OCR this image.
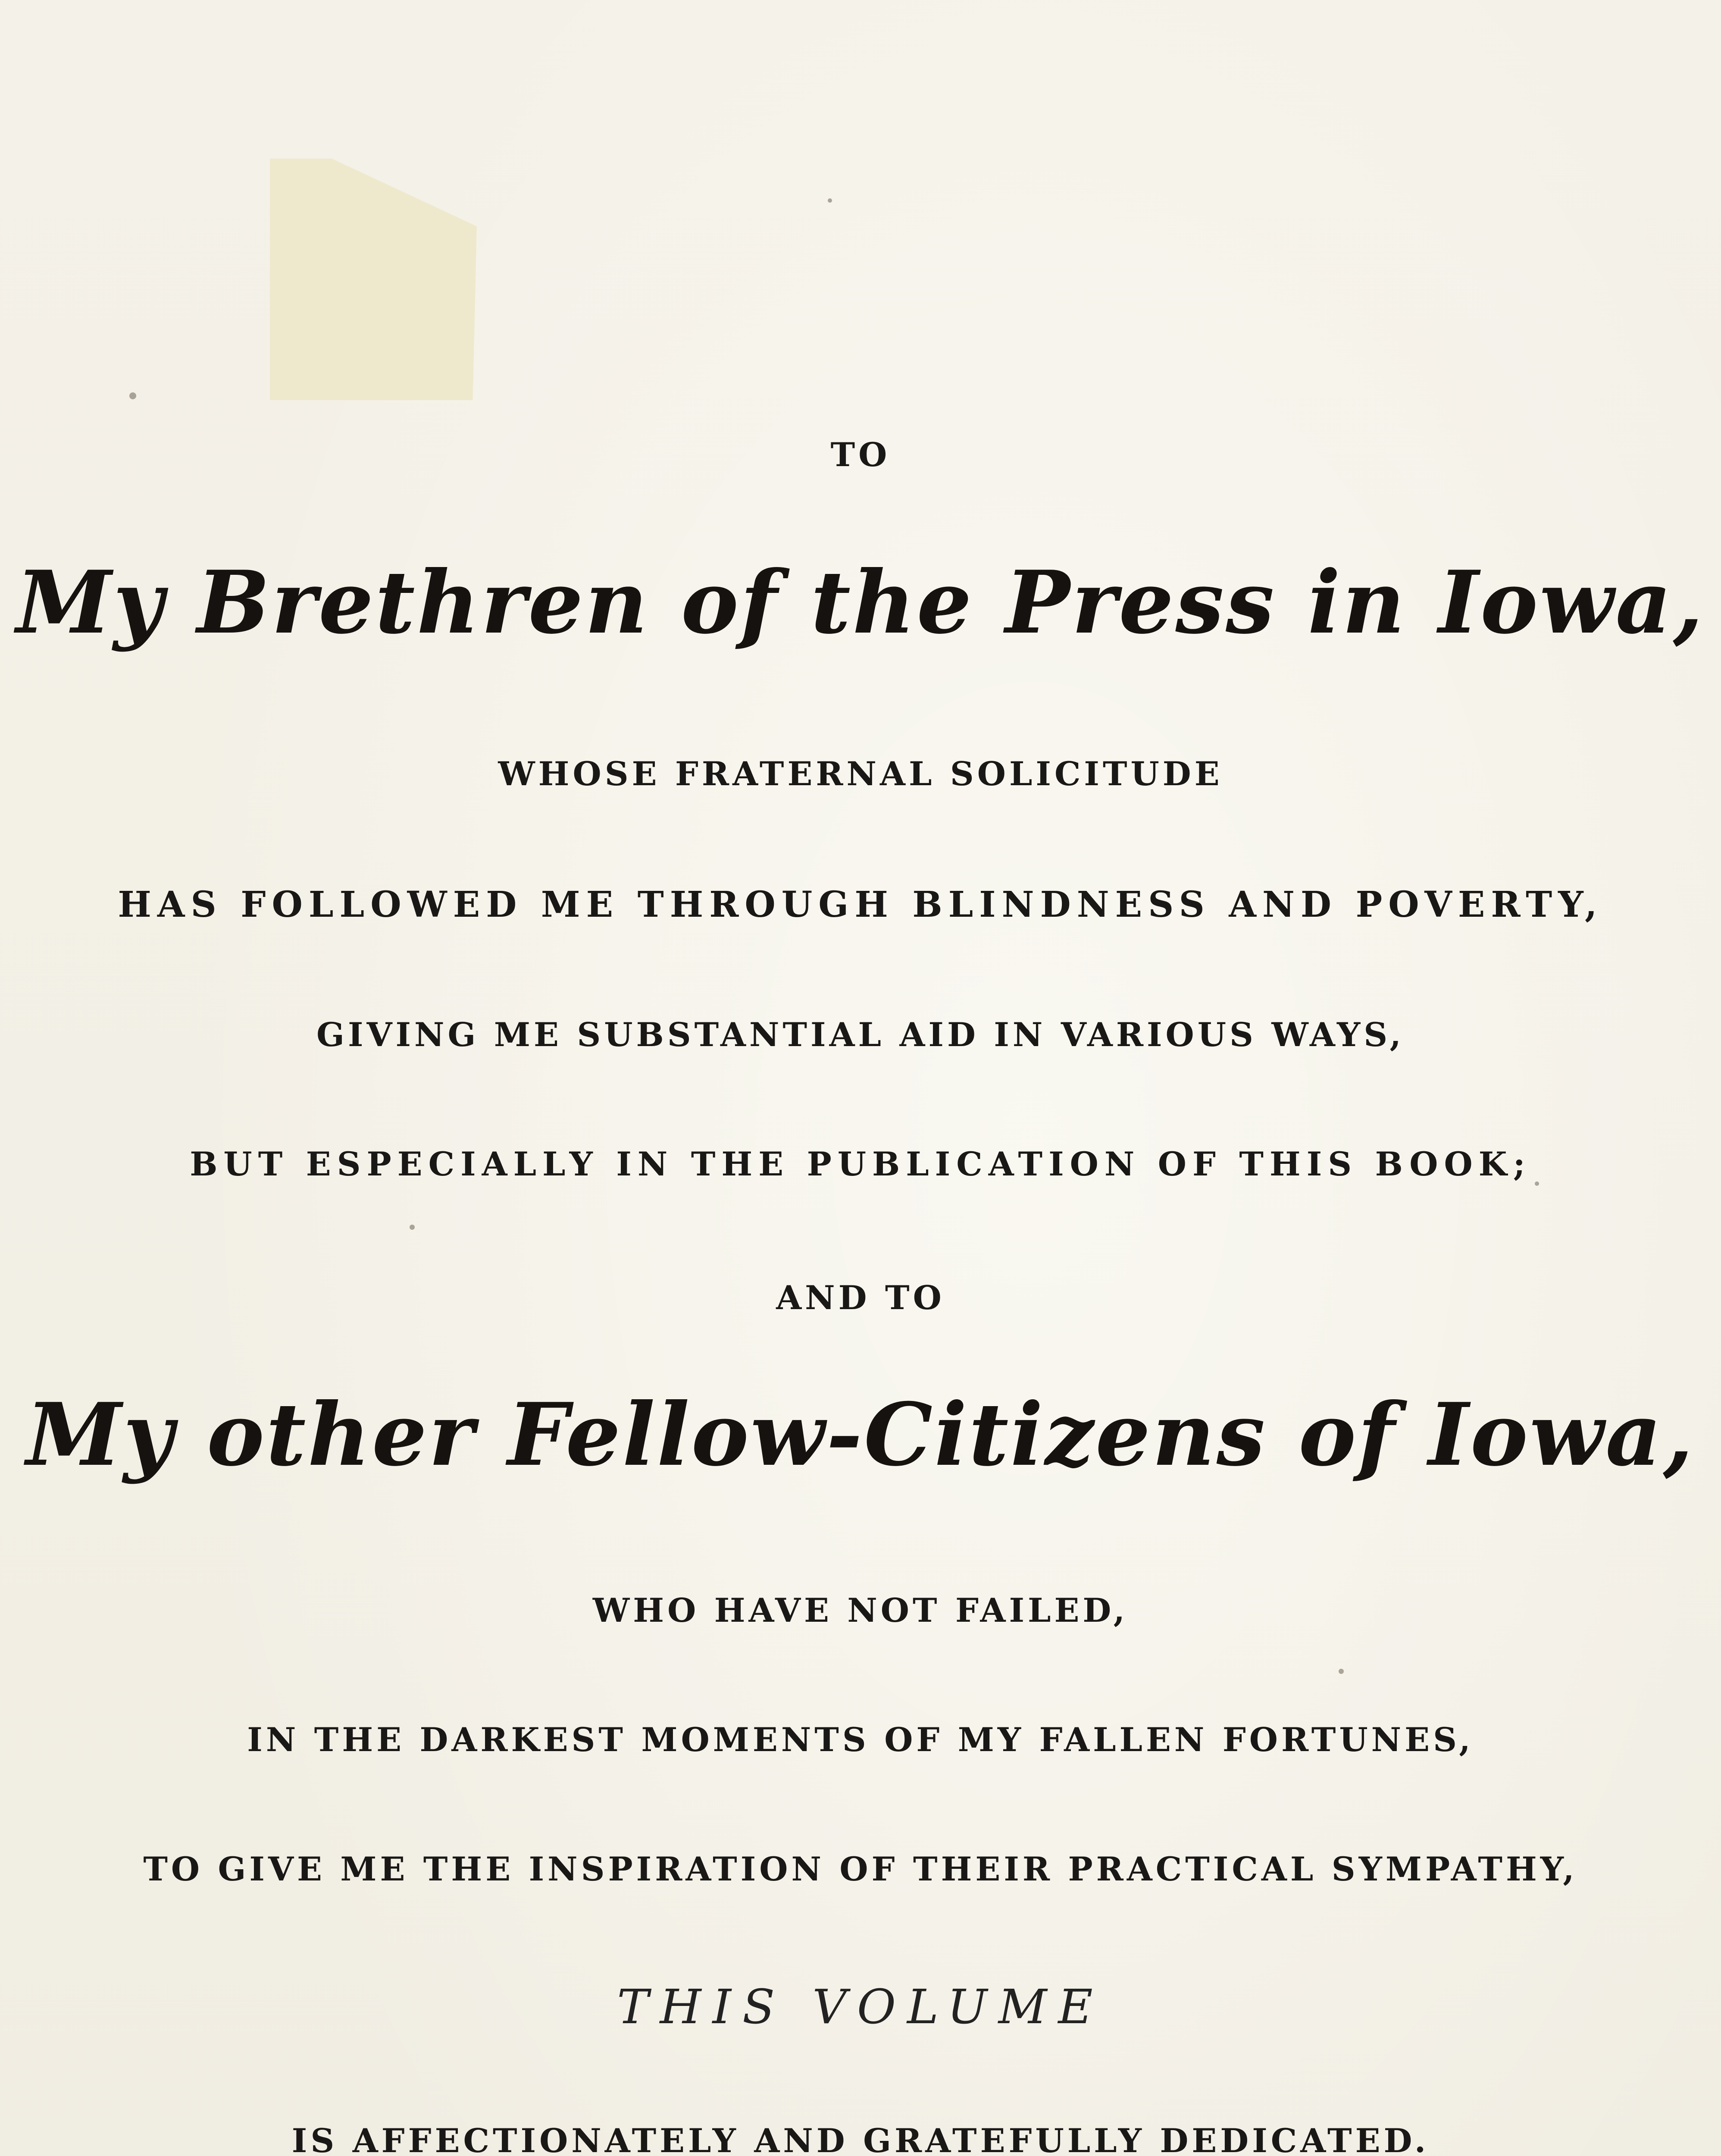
TO
My Brethren of the Press in Iowa,
WHOSE FRATERNAL SOLICITUDE
HAS FOLLOWED ME THROUGH BLINDNESS AND POVERTY,
GIVING ME SUBSTANTIAL AID IN VARIOUS WAYS,
BUT ESPECIALLY IN THE PUBLICATION OF THIS BOOK;
AND TO
My other Fellow-Citizens of Iowa,
WHO HAVE NOT FAILED,
IN THE DARKEST MOMENTS OF MY FALLEN FORTUNES,
TO GIVE ME THE INSPIRATION OF THEIR PRACTICAL SYMPATHY,
THIS VOLUME
IS AFFECTIONATELY AND GRATEFULLY DEDICATED.
